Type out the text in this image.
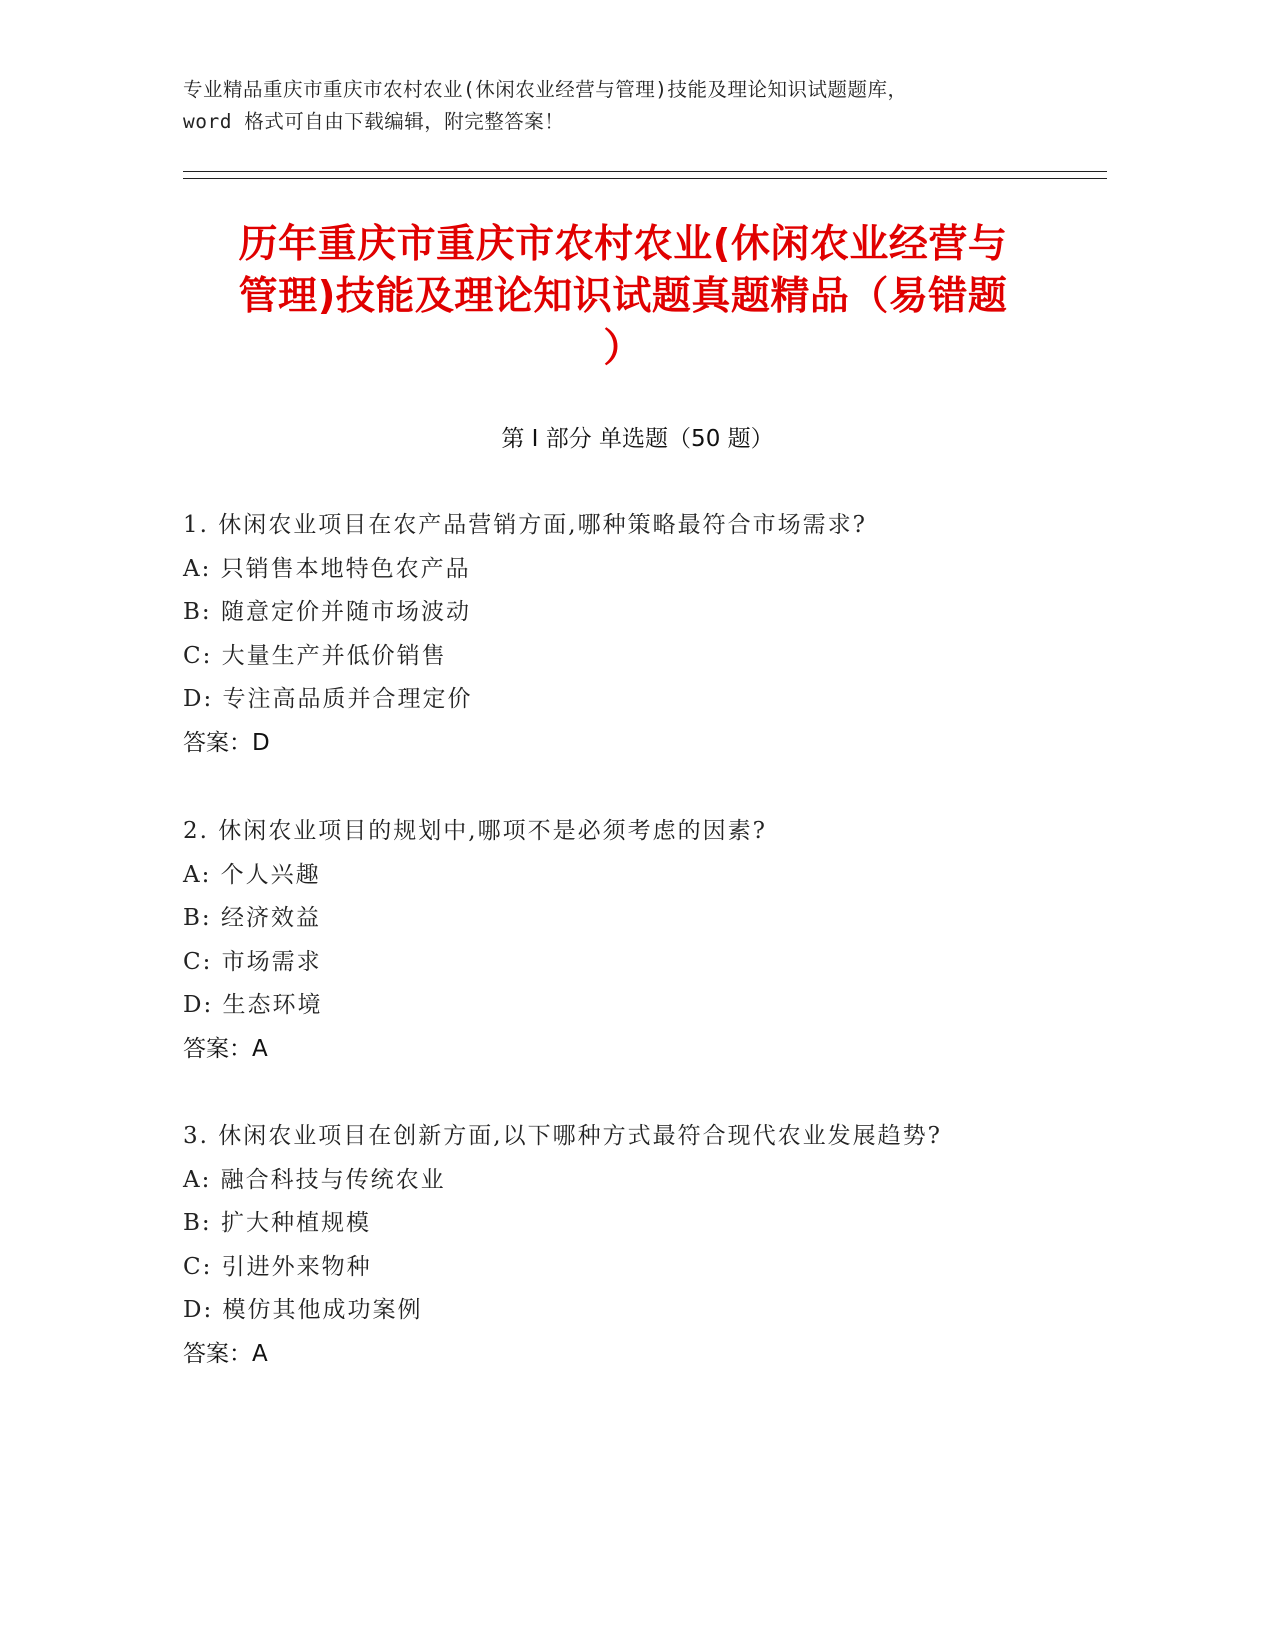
专业精品重庆市重庆市农村农业(休闲农业经营与管理)技能及理论知识试题题库，
word 格式可自由下载编辑，附完整答案！
历年重庆市重庆市农村农业(休闲农业经营与
管理)技能及理论知识试题真题精品（易错题
）
第 I 部分 单选题（50 题）
1. 休闲农业项目在农产品营销方面,哪种策略最符合市场需求?
A: 只销售本地特色农产品
B: 随意定价并随市场波动
C: 大量生产并低价销售
D: 专注高品质并合理定价
答案：D
2. 休闲农业项目的规划中,哪项不是必须考虑的因素?
A: 个人兴趣
B: 经济效益
C: 市场需求
D: 生态环境
答案：A
3. 休闲农业项目在创新方面,以下哪种方式最符合现代农业发展趋势?
A: 融合科技与传统农业
B: 扩大种植规模
C: 引进外来物种
D: 模仿其他成功案例
答案：A
